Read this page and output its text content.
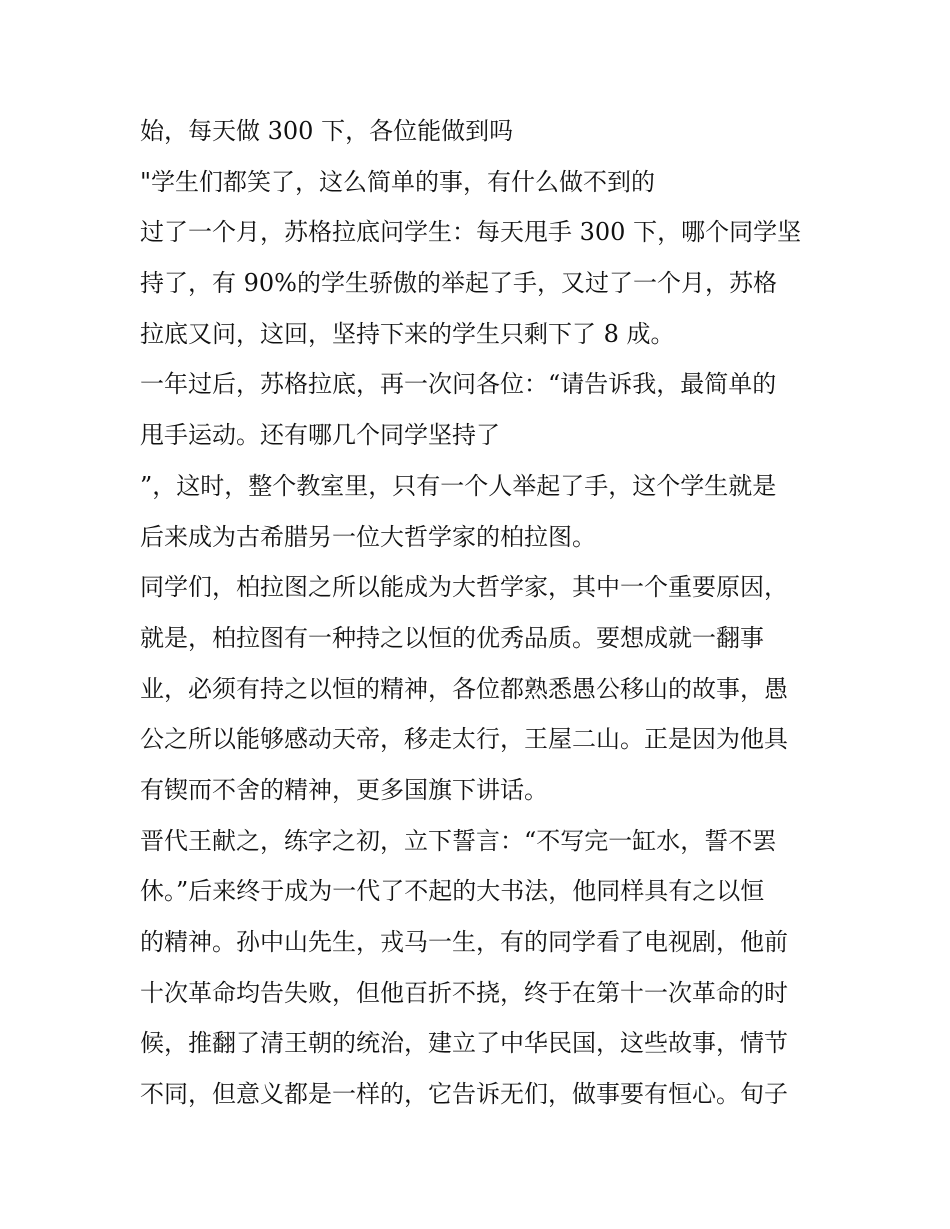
始，每天做 300 下，各位能做到吗
"学生们都笑了，这么简单的事，有什么做不到的
过了一个月，苏格拉底问学生：每天甩手 300 下，哪个同学坚
持了，有 90%的学生骄傲的举起了手，又过了一个月，苏格
拉底又问，这回，坚持下来的学生只剩下了 8 成。
一年过后，苏格拉底，再一次问各位：“请告诉我，最简单的
甩手运动。还有哪几个同学坚持了
”，这时，整个教室里，只有一个人举起了手，这个学生就是
后来成为古希腊另一位大哲学家的柏拉图。
同学们，柏拉图之所以能成为大哲学家，其中一个重要原因，
就是，柏拉图有一种持之以恒的优秀品质。要想成就一翻事
业，必须有持之以恒的精神，各位都熟悉愚公移山的故事，愚
公之所以能够感动天帝，移走太行，王屋二山。正是因为他具
有锲而不舍的精神，更多国旗下讲话。
晋代王献之，练字之初，立下誓言：“不写完一缸水，誓不罢
休。”后来终于成为一代了不起的大书法，他同样具有之以恒
的精神。孙中山先生，戎马一生，有的同学看了电视剧，他前
十次革命均告失败，但他百折不挠，终于在第十一次革命的时
候，推翻了清王朝的统治，建立了中华民国，这些故事，情节
不同，但意义都是一样的，它告诉无们，做事要有恒心。旬子
